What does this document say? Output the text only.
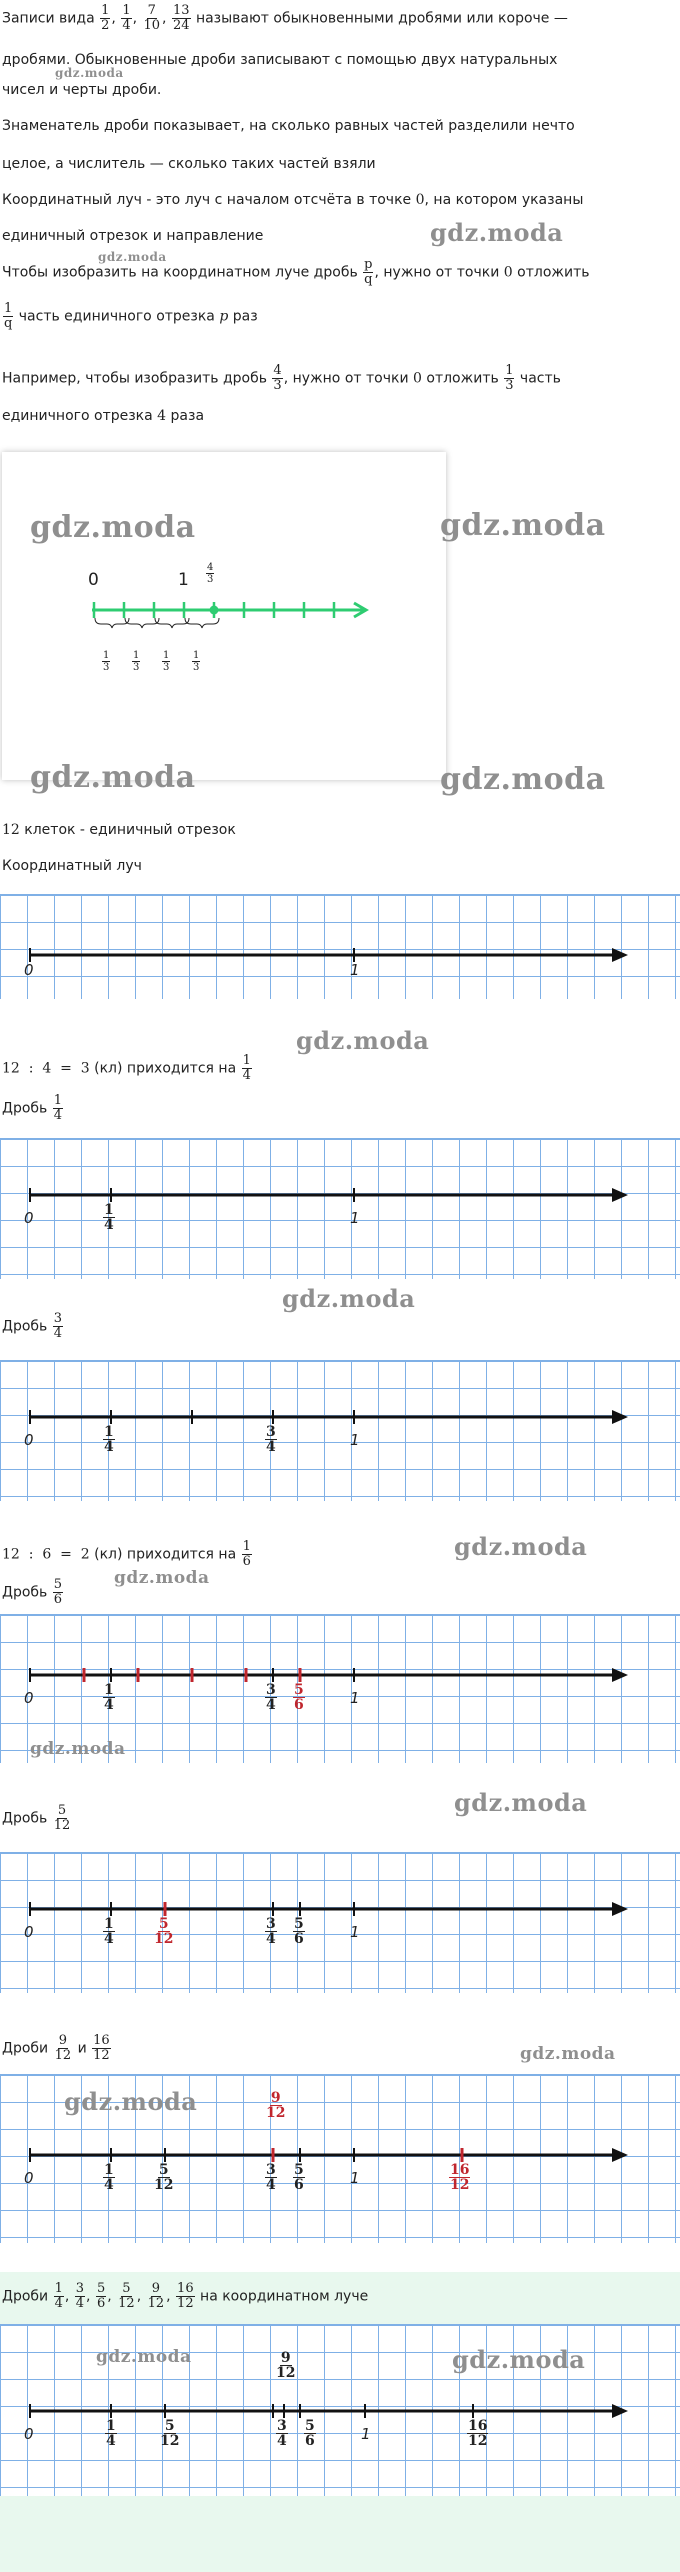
Записи вида $\frac{1}{2}$ , $\frac{1}{4}$ , $\frac{7}{10}$ , $\frac{13}{24}$ называют обыкновенными дробями или короче —
дробями. Обыкновенные дроби записывают с помощью двух натуральных
gdz.moda
чисел и черты дроби.
Знаменатель дроби показывает, на сколько равных частей разделили нечто
целое, а числитель — сколько таких частей взяли
Координатный луч - это луч с началом отсчёта в точке 0, на котором указаны
единичный отрезок и направление	gdz.moda
gdz.moda
Чтобы изобразить на координатном луче дробь $\frac{p}{q}$ , нужно от точки 0 отложить
$\frac{1}{q}$ часть единичного отрезка p раз
Например, чтобы изобразить дробь $\frac{4}{3}$ , нужно от точки 0 отложить $\frac{1}{3}$ часть
единичного отрезка 4 раза
0	$1 \frac{4}{3}$
$\frac{1}{3} \frac{1}{3} \frac{1}{3} \frac{1}{3}$
gdz.moda
gdz.moda
gdz.moda
gdz.moda
12 клеток - единичный отрезок
Координатный луч
0	1
12  :  4  =  3 (кл) приходится на $\frac{1}{4}$
gdz.moda
Дробь $\frac{1}{4}$
0	$\frac{1}{4}$	1
gdz.moda
Дробь $\frac{3}{4}$
0	$\frac{1}{4}$	$\frac{3}{4}$	1
12  :  6  =  2 (кл) приходится на $\frac{1}{6}$	gdz.moda
Дробь $\frac{5}{6}$	gdz.moda
0	$\frac{1}{4}$	$\frac{3}{4} \frac{5}{6}$	1
gdz.moda
gdz.moda
Дробь $\frac{5}{12}$
0	$\frac{1}{4}$	$\frac{5}{12}$	$\frac{3}{4} \frac{5}{6}$	1
Дроби $\frac{9}{12}$ и $\frac{16}{12}$	gdz.moda
gdz.moda	$\frac{9}{12}$
0	$\frac{1}{4}$	$\frac{5}{12}$	$\frac{3}{4} \frac{5}{6}$	1	$\frac{16}{12}$
Дроби $\frac{1}{4}$ , $\frac{3}{4}$ , $\frac{5}{6}$ , $\frac{5}{12}$ , $\frac{9}{12}$ , $\frac{16}{12}$ на координатном луче
gdz.moda	gdz.moda
$\frac{9}{12}$
0	$\frac{1}{4}$	$\frac{5}{12}$	$\frac{3}{4} \frac{5}{6}$	1	$\frac{16}{12}$
